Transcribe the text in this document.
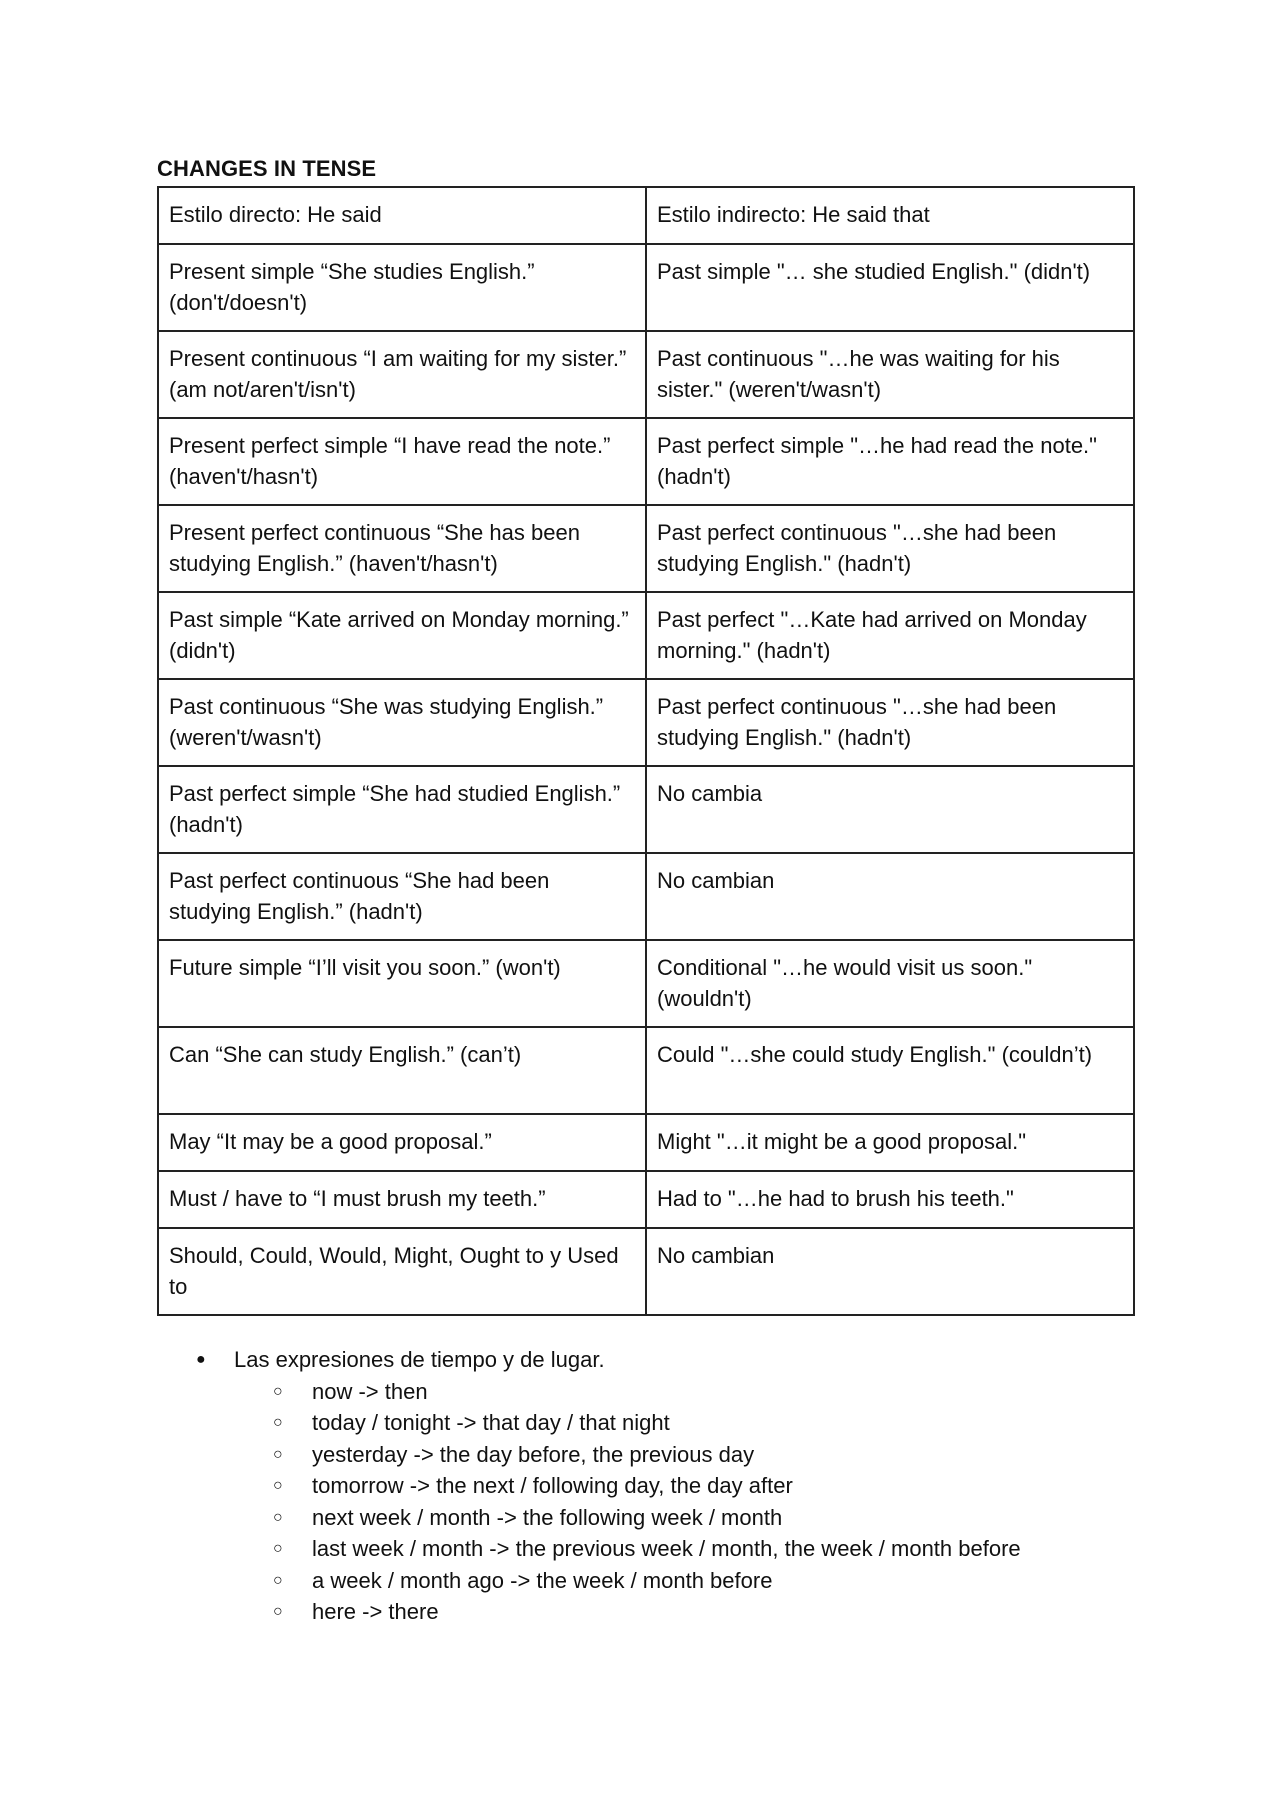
CHANGES IN TENSE
Estilo directo: He said	Estilo indirecto: He said that
Present simple “She studies English.” (don't/doesn't)	Past simple "… she studied English." (didn't)
Present continuous “I am waiting for my sister.” (am not/aren't/isn't)	Past continuous "…he was waiting for his sister." (weren't/wasn't)
Present perfect simple “I have read the note.” (haven't/hasn't)	Past perfect simple "…he had read the note." (hadn't)
Present perfect continuous “She has been studying English.” (haven't/hasn't)	Past perfect continuous "…she had been studying English." (hadn't)
Past simple “Kate arrived on Monday morning.” (didn't)	Past perfect "…Kate had arrived on Monday morning." (hadn't)
Past continuous “She was studying English.” (weren't/wasn't)	Past perfect continuous "…she had been studying English." (hadn't)
Past perfect simple “She had studied English.” (hadn't)	No cambia
Past perfect continuous “She had been studying English.” (hadn't)	No cambian
Future simple “I’ll visit you soon.” (won't)	Conditional "…he would visit us soon." (wouldn't)
Can “She can study English.” (can’t)	Could "…she could study English." (couldn’t)
May “It may be a good proposal.”	Might "…it might be a good proposal."
Must / have to “I must brush my teeth.”	Had to "…he had to brush his teeth."
Should, Could, Would, Might, Ought to y Used to	No cambian
● Las expresiones de tiempo y de lugar.
○ now -> then
○ today / tonight -> that day / that night
○ yesterday -> the day before, the previous day
○ tomorrow -> the next / following day, the day after
○ next week / month -> the following week / month
○ last week / month -> the previous week / month, the week / month before
○ a week / month ago -> the week / month before
○ here -> there
